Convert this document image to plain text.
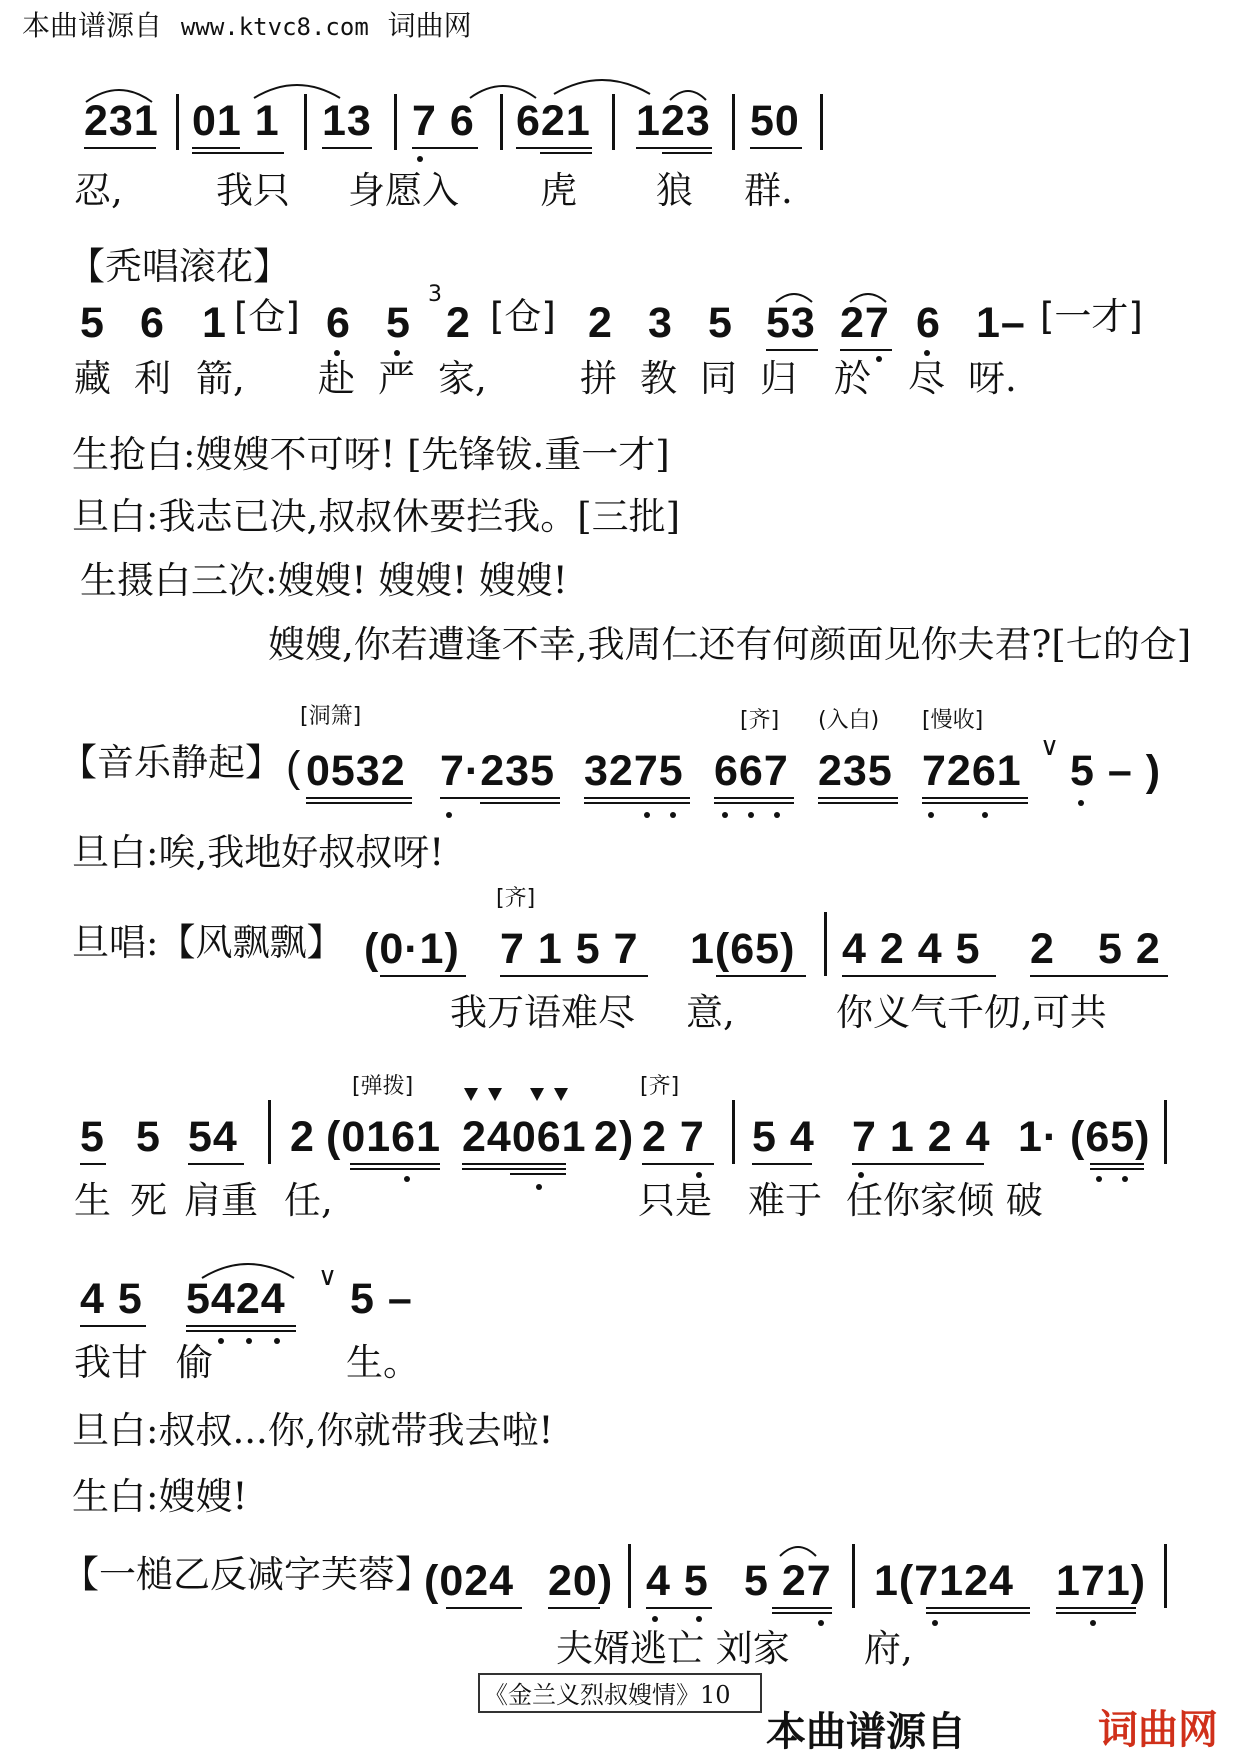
本曲谱源自 www.ktvc8.com 词曲网
231 01 1 13 7 6 621 123 50
忍,	我只 身愿入 虎 狼 群.
【秃唱滚花】
5 6 1 [仓] 6 5
3
2 [仓] 2 3 5 53 27 6 1– [一才]
藏 利 箭, 赴 严 家,	拼 教 同 归 於 尽 呀.
生抢白:嫂嫂不可呀! [先锋钹.重一才]
旦白:我志已决,叔叔休要拦我。[三批]
生摄白三次:嫂嫂! 嫂嫂! 嫂嫂!
嫂嫂,你若遭逢不幸,我周仁还有何颜面见你夫君?[七的仓]
【音乐静起】
[洞箫]	[齐] (入白) [慢收]
( 0532 7·235 3275 667 235 7261 ∨ 5 – )
旦白:唉,我地好叔叔呀!
旦唱:【风飘飘】
[齐]
(0·1) 7 1 5 7 1(65) 4 2 4 5 2 5 2
我万语难尽 意,	你义气千仞,可共
[弹拨]	[齐]
5 5 54 2 (0161 24061 2) 2 7 5 4 7 1 2 4 1· (65)
生 死 肩重 任,	只是 难于 任你家倾 破
4 5 5424 ∨ 5 –
我甘 偷	生。
旦白:叔叔...你,你就带我去啦!
生白:嫂嫂!
【一槌乙反减字芙蓉】
(024 20) 4 5 5 27 1(7124 171)
夫婿逃亡 刘家 府,
《金兰义烈叔嫂情》10
本曲谱源自	词曲网
